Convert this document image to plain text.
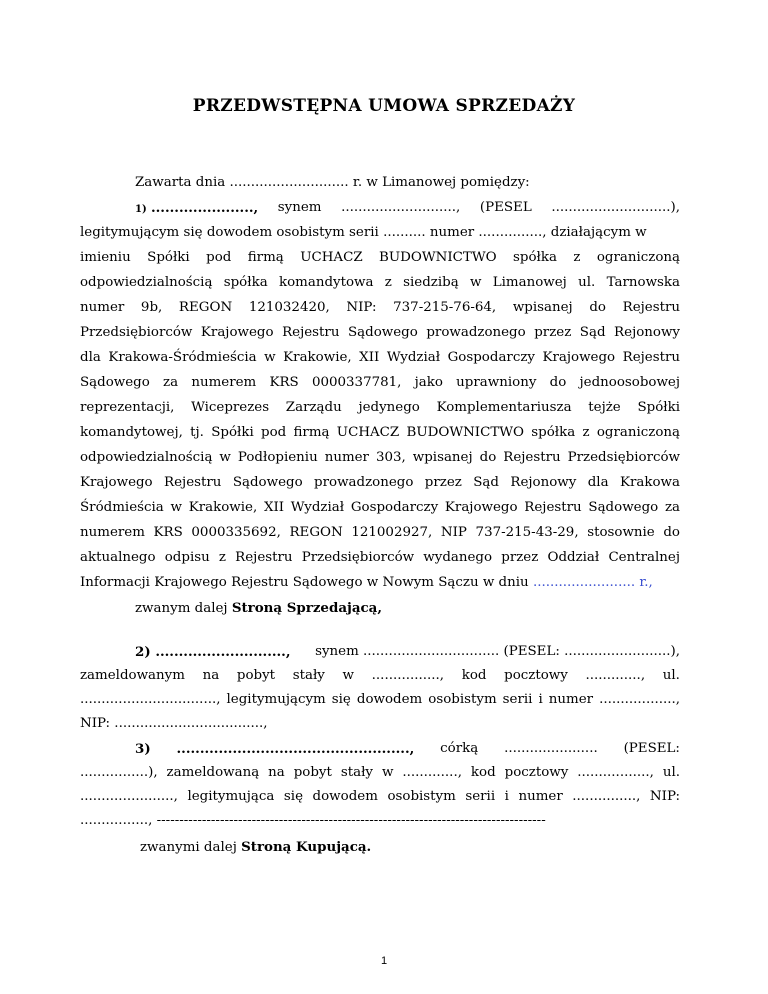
PRZEDWSTĘPNA UMOWA SPRZEDAŻY
Zawarta dnia ............................ r. w Limanowej pomiędzy:
1) ......................, synem ..........................., (PESEL ............................),
legitymującym się dowodem osobistym serii .......... numer ..............., działającym w
imieniu Spółki pod firmą UCHACZ BUDOWNICTWO spółka z ograniczoną
odpowiedzialnością spółka komandytowa z siedzibą w Limanowej ul. Tarnowska
numer 9b, REGON 121032420, NIP: 737-215-76-64, wpisanej do Rejestru
Przedsiębiorców Krajowego Rejestru Sądowego prowadzonego przez Sąd Rejonowy
dla Krakowa-Śródmieścia w Krakowie, XII Wydział Gospodarczy Krajowego Rejestru
Sądowego za numerem KRS 0000337781, jako uprawniony do jednoosobowej
reprezentacji, Wiceprezes Zarządu jedynego Komplementariusza tejże Spółki
komandytowej, tj. Spółki pod firmą UCHACZ BUDOWNICTWO spółka z ograniczoną
odpowiedzialnością w Podłopieniu numer 303, wpisanej do Rejestru Przedsiębiorców
Krajowego Rejestru Sądowego prowadzonego przez Sąd Rejonowy dla Krakowa
Śródmieścia w Krakowie, XII Wydział Gospodarczy Krajowego Rejestru Sądowego za
numerem KRS 0000335692, REGON 121002927, NIP 737-215-43-29, stosownie do
aktualnego odpisu z Rejestru Przedsiębiorców wydanego przez Oddział Centralnej
Informacji Krajowego Rejestru Sądowego w Nowym Sączu w dniu ........................ r.,
zwanym dalej Stroną Sprzedającą,
2) ............................, synem ................................ (PESEL: .........................),
zameldowanym na pobyt stały w ................, kod pocztowy ............., ul.
................................, legitymującym się dowodem osobistym serii i numer ..................,
NIP: ...................................,
3) .................................................., córką ...................... (PESEL:
................), zameldowaną na pobyt stały w ............., kod pocztowy ................., ul.
......................, legitymująca się dowodem osobistym serii i numer ..............., NIP:
................, --------------------------------------------------------------------------------------
zwanymi dalej Stroną Kupującą.
1
